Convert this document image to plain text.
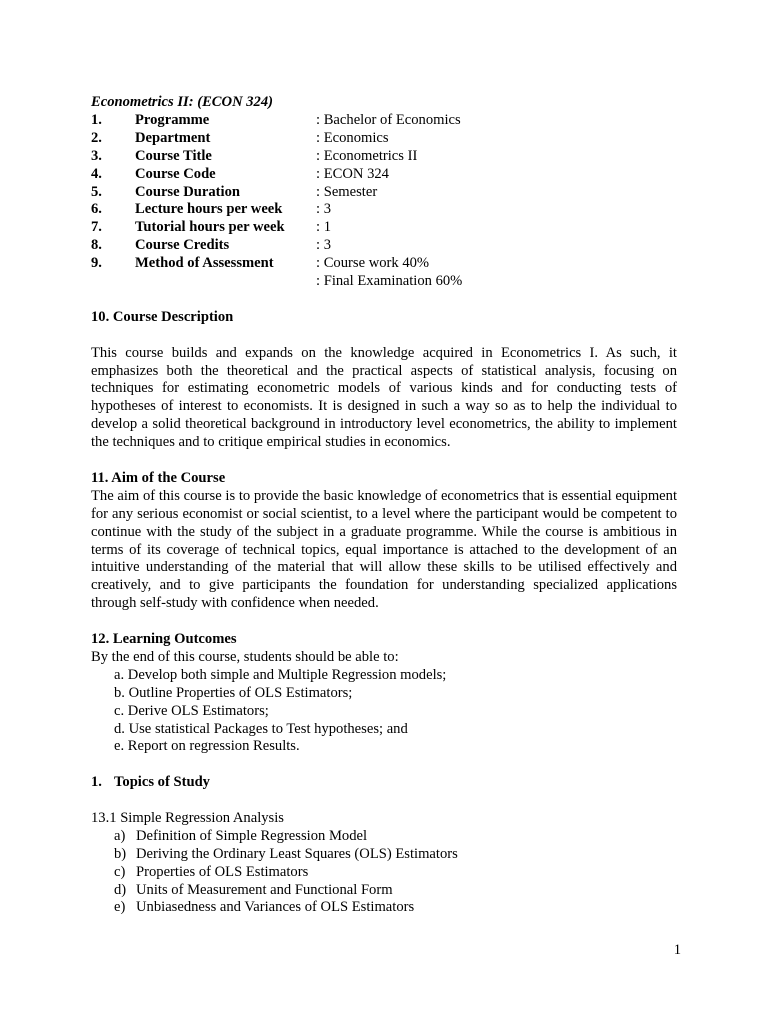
Econometrics II: (ECON 324)
1.	Programme	: Bachelor of Economics
2.	Department	: Economics
3.	Course Title	: Econometrics II
4.	Course Code	: ECON 324
5.	Course Duration	: Semester
6.	Lecture hours per week	: 3
7.	Tutorial hours per week	: 1
8.	Course Credits	: 3
9.	Method of Assessment	: Course work 40%
: Final Examination 60%
10. Course Description

This course builds and expands on the knowledge acquired in Econometrics I. As such, it emphasizes both the theoretical and the practical aspects of statistical analysis, focusing on techniques for estimating econometric models of various kinds and for conducting tests of hypotheses of interest to economists. It is designed in such a way so as to help the individual to develop a solid theoretical background in introductory level econometrics, the ability to implement the techniques and to critique empirical studies in economics.

11. Aim of the Course

The aim of this course is to provide the basic knowledge of econometrics that is essential equipment for any serious economist or social scientist, to a level where the participant would be competent to continue with the study of the subject in a graduate programme. While the course is ambitious in terms of its coverage of technical topics, equal importance is attached to the development of an intuitive understanding of the material that will allow these skills to be utilised effectively and creatively, and to give participants the foundation for understanding specialized applications through self-study with confidence when needed.

12. Learning Outcomes
By the end of this course, students should be able to:
a. Develop both simple and Multiple Regression models;
b. Outline Properties of OLS Estimators;
c. Derive OLS Estimators;
d. Use statistical Packages to Test hypotheses; and
e. Report on regression Results.
1. Topics of Study
13.1 Simple Regression Analysis
a) Definition of Simple Regression Model
b) Deriving the Ordinary Least Squares (OLS) Estimators
c) Properties of OLS Estimators
d) Units of Measurement and Functional Form
e) Unbiasedness and Variances of OLS Estimators
1
